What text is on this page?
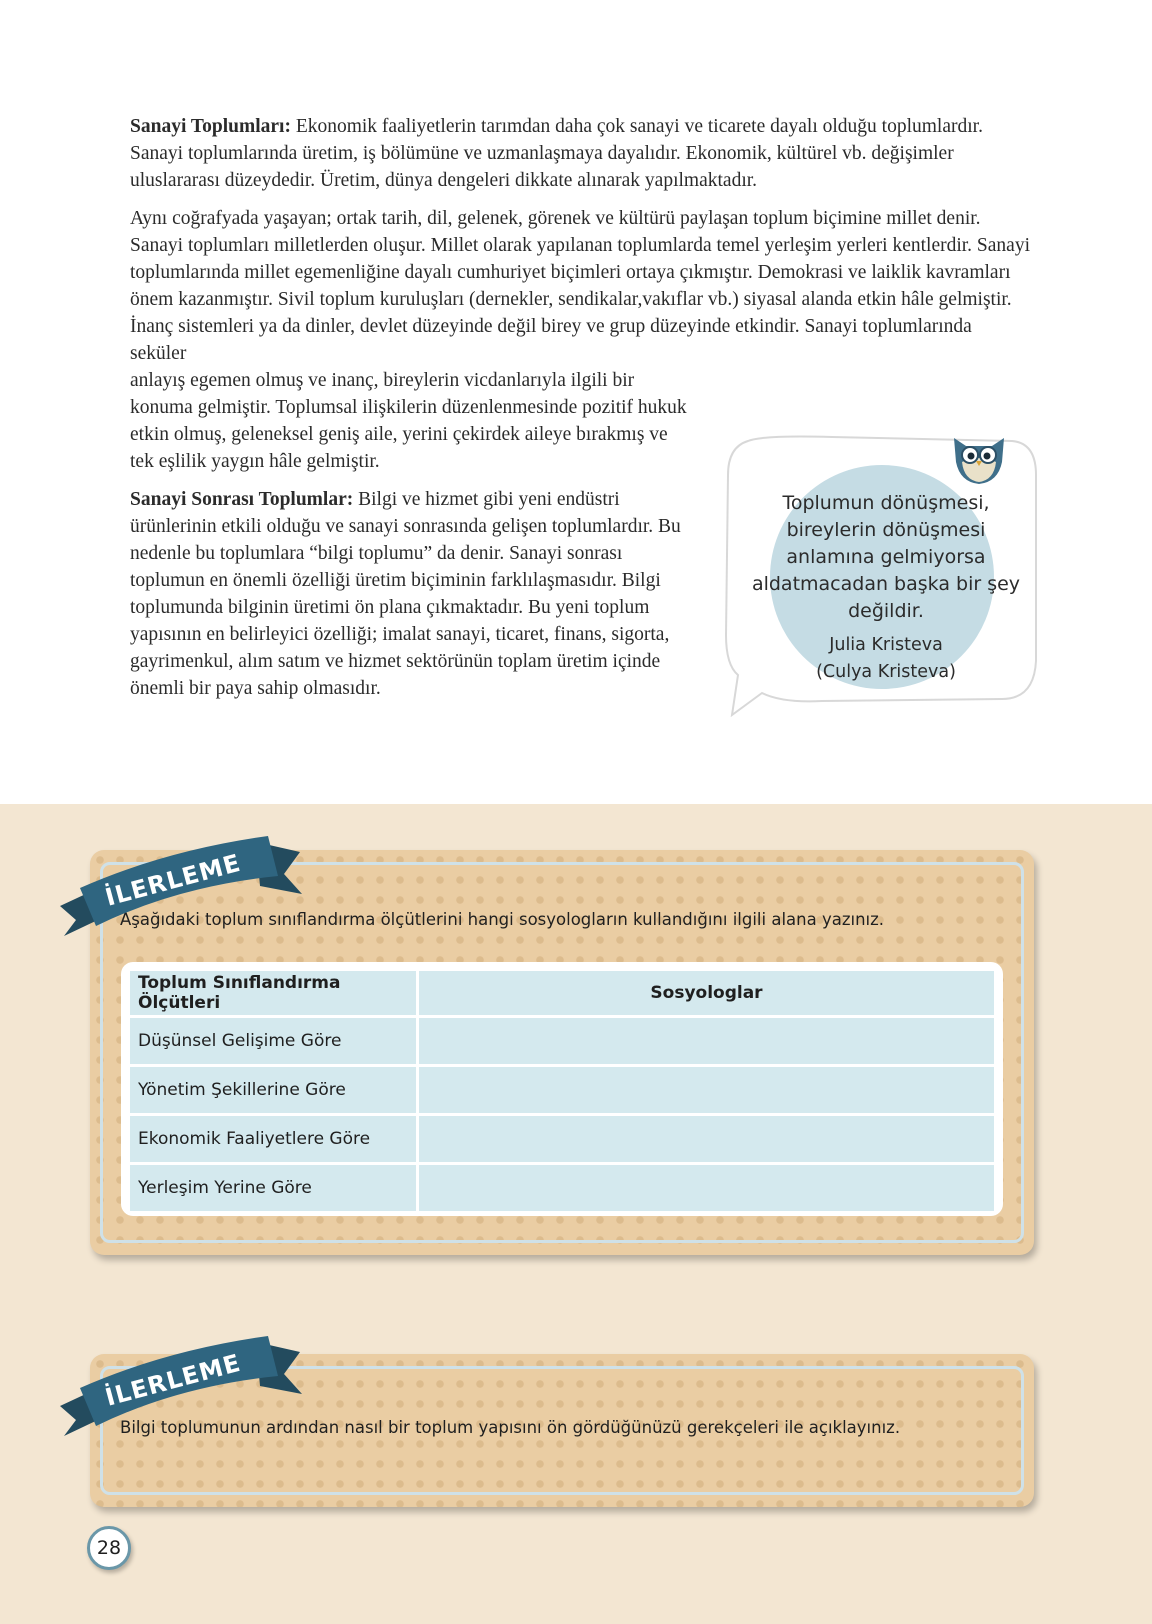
Sanayi Toplumları: Ekonomik faaliyetlerin tarımdan daha çok sanayi ve ticarete dayalı olduğu toplumlardır. Sanayi toplumlarında üretim, iş bölümüne ve uzmanlaşmaya dayalıdır. Ekonomik, kültürel vb. değişimler uluslararası düzeydedir. Üretim, dünya dengeleri dikkate alınarak yapılmaktadır.

Aynı coğrafyada yaşayan; ortak tarih, dil, gelenek, görenek ve kültürü paylaşan toplum biçimine millet denir. Sanayi toplumları milletlerden oluşur. Millet olarak yapılanan toplumlarda temel yerleşim yerleri kentlerdir. Sanayi toplumlarında millet egemenliğine dayalı cumhuriyet biçimleri ortaya çıkmıştır. Demokrasi ve laiklik kavramları önem kazanmıştır. Sivil toplum kuruluşları (dernekler, sendikalar,vakıflar vb.) siyasal alanda etkin hâle gelmiştir. İnanç sistemleri ya da dinler, devlet düzeyinde değil birey ve grup düzeyinde etkindir. Sanayi toplumlarında seküler

anlayış egemen olmuş ve inanç, bireylerin vicdanlarıyla ilgili bir konuma gelmiştir. Toplumsal ilişkilerin düzenlenmesinde pozitif hukuk etkin olmuş, geleneksel geniş aile, yerini çekirdek aileye bırakmış ve tek eşlilik yaygın hâle gelmiştir.

Sanayi Sonrası Toplumlar: Bilgi ve hizmet gibi yeni endüstri ürünlerinin etkili olduğu ve sanayi sonrasında gelişen toplumlardır. Bu nedenle bu toplumlara “bilgi toplumu” da denir. Sanayi sonrası toplumun en önemli özelliği üretim biçiminin farklılaşmasıdır. Bilgi toplumunda bilginin üretimi ön plana çıkmaktadır. Bu yeni toplum yapısının en belirleyici özelliği; imalat sanayi, ticaret, finans, sigorta, gayrimenkul, alım satım ve hizmet sektörünün toplam üretim içinde önemli bir paya sahip olmasıdır.

Toplumun dönüşmesi, bireylerin dönüşmesi anlamına gelmiyorsa aldatmacadan başka bir şey değildir.
Julia Kristeva
(Culya Kristeva)
Aşağıdaki toplum sınıflandırma ölçütlerini hangi sosyologların kullandığını ilgili alana yazınız.
Toplum Sınıflandırma Ölçütleri	Sosyologlar
Düşünsel Gelişime Göre	
Yönetim Şekillerine Göre	
Ekonomik Faaliyetlere Göre	
Yerleşim Yerine Göre	
İLERLEME
Bilgi toplumunun ardından nasıl bir toplum yapısını ön gördüğünüzü gerekçeleri ile açıklayınız.
İLERLEME
28
